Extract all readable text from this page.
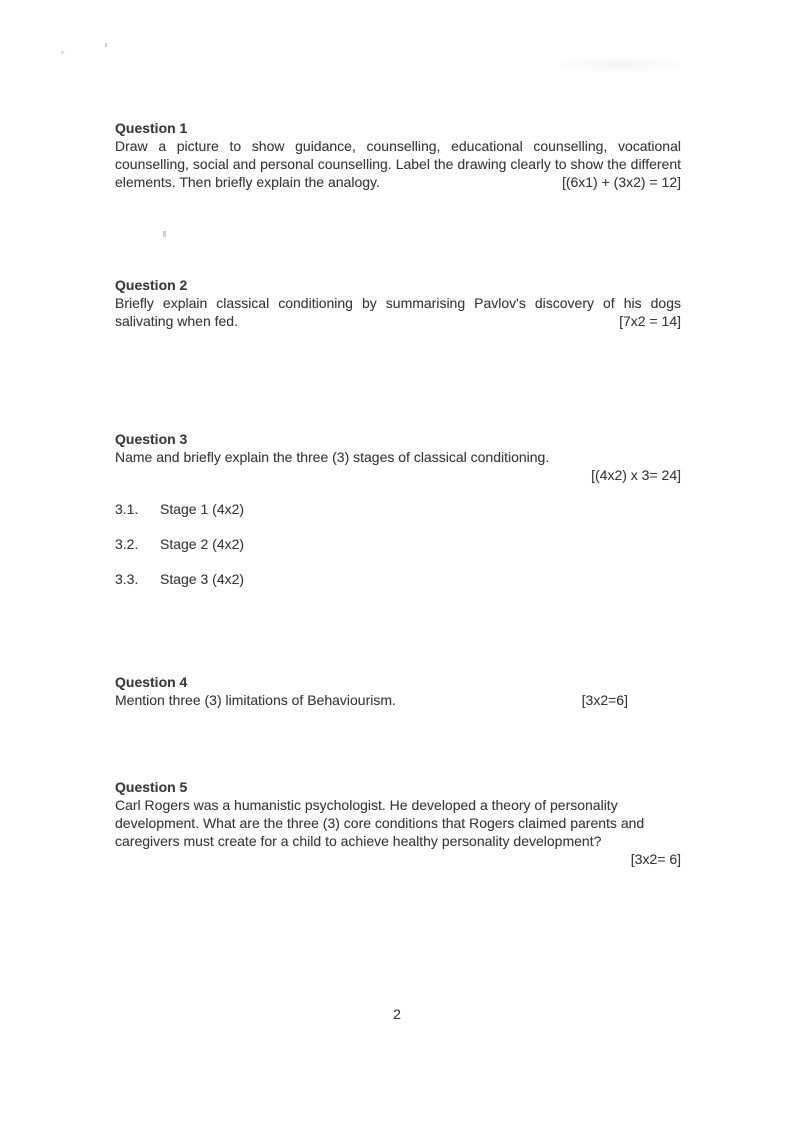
Question 1

Draw a picture to show guidance, counselling, educational counselling, vocational counselling, social and personal counselling. Label the drawing clearly to show the different elements. Then briefly explain the analogy.	[(6x1) + (3x2) = 12]

Question 2

Briefly explain classical conditioning by summarising Pavlov's discovery of his dogs salivating when fed.	[7x2 = 14]

Question 3

Name and briefly explain the three (3) stages of classical conditioning.

[(4x2) x 3= 24]

3.1.	Stage 1 (4x2)
3.2.	Stage 2 (4x2)
3.3.	Stage 3 (4x2)

Question 4

Mention three (3) limitations of Behaviourism.	[3x2=6]

Question 5

Carl Rogers was a humanistic psychologist. He developed a theory of personality development. What are the three (3) core conditions that Rogers claimed parents and caregivers must create for a child to achieve healthy personality development?

[3x2= 6]

2
